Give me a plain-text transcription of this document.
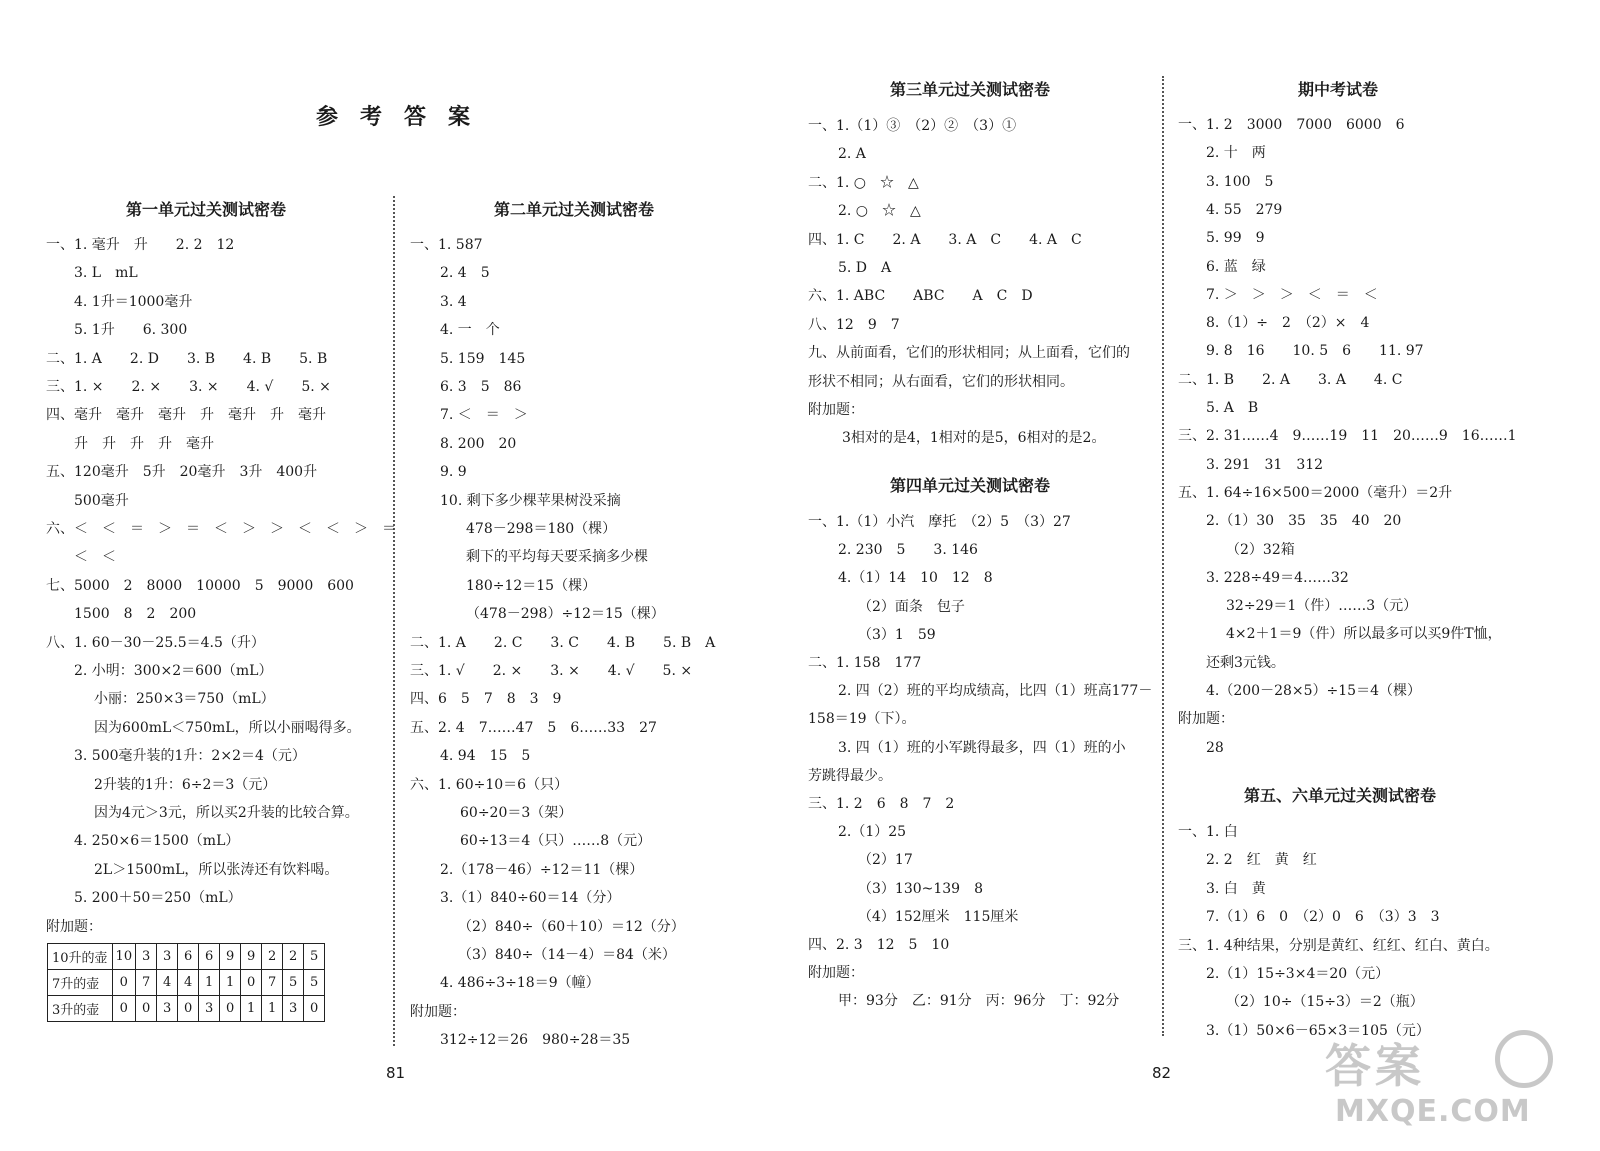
参考答案
第一单元过关测试密卷
一、1. 毫升　升　　2. 2　12
3. L　mL
4. 1升＝1000毫升
5. 1升　　6. 300
二、1. A　　2. D　　3. B　　4. B　　5. B
三、1. ×　　2. ×　　3. ×　　4. √　　5. ×
四、毫升　毫升　毫升　升　毫升　升　毫升
升　升　升　升　毫升
五、120毫升　5升　20毫升　3升　400升
500毫升
六、＜　＜　＝　＞　＝　＜　＞　＞　＜　＜　＞　＝
＜　＜
七、5000　2　8000　10000　5　9000　600
1500　8　2　200
八、1. 60－30－25.5＝4.5（升）
2. 小明：300×2＝600（mL）
小丽：250×3＝750（mL）
因为600mL＜750mL，所以小丽喝得多。
3. 500毫升装的1升：2×2＝4（元）
2升装的1升：6÷2＝3（元）
因为4元＞3元，所以买2升装的比较合算。
4. 250×6＝1500（mL）
2L＞1500mL，所以张涛还有饮料喝。
5. 200＋50＝250（mL）
附加题：
10升的壶	10	3	3	6	6	9	9	2	2	5
7升的壶	0	7	4	4	1	1	0	7	5	5
3升的壶	0	0	3	0	3	0	1	1	3	0
第二单元过关测试密卷
一、1. 587
2. 4　5
3. 4
4. 一　个
5. 159　145
6. 3　5　86
7. ＜　＝　＞
8. 200　20
9. 9
10. 剩下多少棵苹果树没采摘
478－298＝180（棵）
剩下的平均每天要采摘多少棵
180÷12＝15（棵）
（478－298）÷12＝15（棵）
二、1. A　　2. C　　3. C　　4. B　　5. B　A
三、1. √　　2. ×　　3. ×　　4. √　　5. ×
四、6　5　7　8　3　9
五、2. 4　7……47　5　6……33　27
4. 94　15　5
六、1. 60÷10＝6（只）
60÷20＝3（架）
60÷13＝4（只）……8（元）
2.（178－46）÷12＝11（棵）
3.（1）840÷60＝14（分）
（2）840÷（60＋10）＝12（分）
（3）840÷（14－4）＝84（米）
4. 486÷3÷18＝9（幢）
附加题：
312÷12＝26　980÷28＝35
第三单元过关测试密卷
一、1.（1）③　（2）②　（3）①
2. A
二、1. ○　☆　△
2. ○　☆　△
四、1. C　　2. A　　3. A　C　　4. A　C
5. D　A
六、1. ABC　　ABC　　A　C　D
八、12　9　7
九、从前面看，它们的形状相同；从上面看，它们的
形状不相同；从右面看，它们的形状相同。
附加题：
3相对的是4，1相对的是5，6相对的是2。
第四单元过关测试密卷
一、1.（1）小汽　摩托　（2）5　（3）27
2. 230　5　　3. 146
4.（1）14　10　12　8
（2）面条　包子
（3）1　59
二、1. 158　177
2. 四（2）班的平均成绩高，比四（1）班高177－
158＝19（下）。
3. 四（1）班的小军跳得最多，四（1）班的小
芳跳得最少。
三、1. 2　6　8　7　2
2.（1）25
（2）17
（3）130~139　8
（4）152厘米　115厘米
四、2. 3　12　5　10
附加题：
甲：93分　乙：91分　丙：96分　丁：92分
期中考试卷
一、1. 2　3000　7000　6000　6
2. 十　两
3. 100　5
4. 55　279
5. 99　9
6. 蓝　绿
7. ＞　＞　＞　＜　＝　＜
8.（1）÷　2　（2）×　4
9. 8　16　　10. 5　6　　11. 97
二、1. B　　2. A　　3. A　　4. C
5. A　B
三、2. 31……4　9……19　11　20……9　16……1
3. 291　31　312
五、1. 64÷16×500＝2000（毫升）＝2升
2.（1）30　35　35　40　20
（2）32箱
3. 228÷49＝4……32
32÷29＝1（件）……3（元）
4×2＋1＝9（件）所以最多可以买9件T恤，
还剩3元钱。
4.（200－28×5）÷15＝4（棵）
附加题：
28
第五、六单元过关测试密卷
一、1. 白
2. 2　红　黄　红
3. 白　黄
7.（1）6　0　（2）0　6　（3）3　3
三、1. 4种结果，分别是黄红、红红、红白、黄白。
2.（1）15÷3×4＝20（元）
（2）10÷（15÷3）＝2（瓶）
3.（1）50×6－65×3＝105（元）
81	82	答案
MXQE.COM
